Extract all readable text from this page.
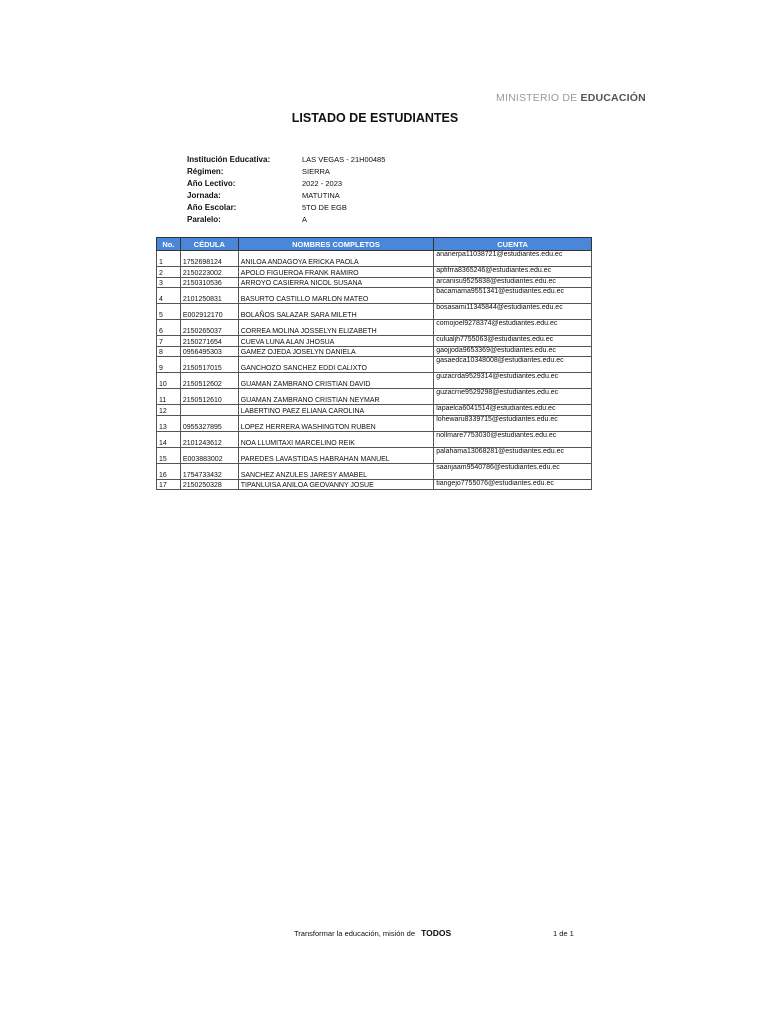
MINISTERIO DE EDUCACIÓN
LISTADO DE ESTUDIANTES
Institución Educativa:	LAS VEGAS - 21H00485
Régimen:	SIERRA
Año Lectivo:	2022 - 2023
Jornada:	MATUTINA
Año Escolar:	5TO DE EGB
Paralelo:	A
No.	CÉDULA	NOMBRES COMPLETOS	CUENTA
1	1752698124	ANILOA ANDAGOYA ERICKA PAOLA	ananerpa11038721@estudiantes.edu.ec
2	2150223002	APOLO FIGUEROA FRANK RAMIRO	apfifrra8365246@estudiantes.edu.ec
3	2150310536	ARROYO CASIERRA NICOL SUSANA	arcanisu9525838@estudiantes.edu.ec
4	2101250831	BASURTO CASTILLO MARLON MATEO	bacamama9551341@estudiantes.edu.ec
5	E002912170	BOLAÑOS SALAZAR SARA MILETH	bosasami11345844@estudiantes.edu.ec
6	2150265037	CORREA MOLINA JOSSELYN ELIZABETH	comojoel9278374@estudiantes.edu.ec
7	2150271654	CUEVA LUNA ALAN JHOSUA	culualjh7755063@estudiantes.edu.ec
8	0956495303	GAMEZ OJEDA JOSELYN DANIELA	gaojjoda9653369@estudiantes.edu.ec
9	2150517015	GANCHOZO SANCHEZ EDDI CALIXTO	gasaedca10348008@estudiantes.edu.ec
10	2150512602	GUAMAN ZAMBRANO CRISTIAN DAVID	guzacrda9529314@estudiantes.edu.ec
11	2150512610	GUAMAN ZAMBRANO CRISTIAN NEYMAR	guzacrne9529298@estudiantes.edu.ec
12		LABERTINO PAEZ ELIANA CAROLINA	lapaelca6041514@estudiantes.edu.ec
13	0955327895	LOPEZ HERRERA WASHINGTON RUBEN	lohewaru8339715@estudiantes.edu.ec
14	2101243612	NOA LLUMITAXI MARCELINO REIK	nollmare7753030@estudiantes.edu.ec
15	E003883002	PAREDES LAVASTIDAS HABRAHAN MANUEL	palahama13068281@estudiantes.edu.ec
16	1754733432	SANCHEZ ANZULES JARESY AMABEL	saanjaam9540786@estudiantes.edu.ec
17	2150250328	TIPANLUISA ANILOA GEOVANNY JOSUE	tiangejo7755076@estudiantes.edu.ec
Transformar la educación, misión de TODOS	1 de 1
